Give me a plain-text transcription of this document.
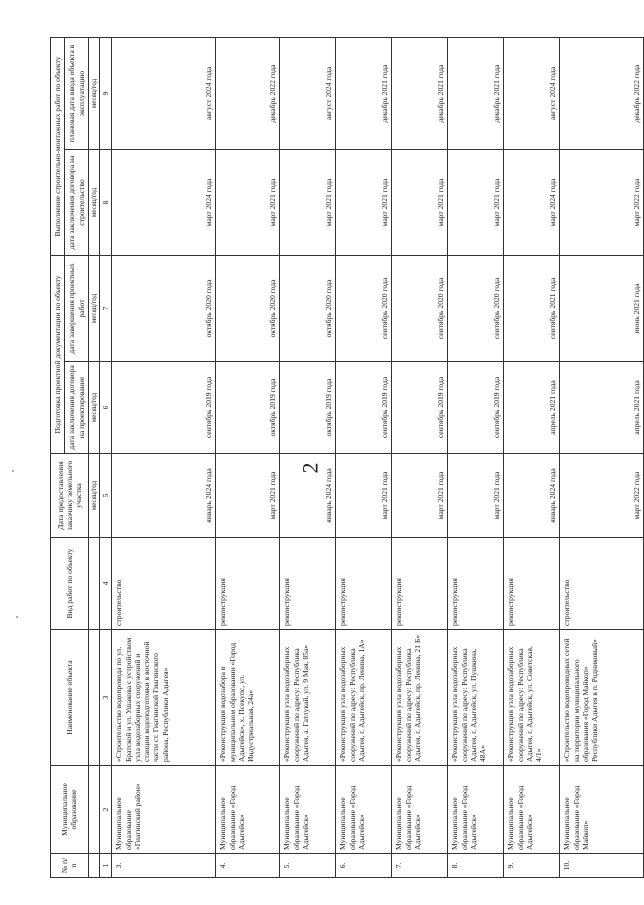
2
№ п/п	Муниципальное образование	Наименование объекта	Вид работ по объекту	Дата предоставления заказчику земельного участка	Подготовка проектной документации по объекту		Выполнение строительно-монтажных работ по объекту	
					дата заключения договора на проектирование	дата завершения проектных работ	дата заключения договора на строительство	плановая дата ввода объекта в эксплуатацию
				месяц/год	месяц/год	месяц/год	месяц/год	месяц/год
1	2	3	4	5	6	7	8	9
3.	Муниципальное образование «Гиагинский район»	«Строительство водопровода по ул. Братской и ул. Ушакова с устройством узла водозаборных сооружений и станции водоподготовки в восточной части ст. Гиагинской Гиагинского района, Республики Адыгея»	строительство	январь 2024 года	сентябрь 2019 года	октябрь 2020 года	март 2024 года	август 2024 года
4.	Муниципальное образование «Город Адыгейск»	«Реконструкция водозабора в муниципальном образовании «Город Адыгейск», х. Псекупс, ул. Индустриальная, 24а»	реконструкция	март 2021 года	октябрь 2019 года	октябрь 2020 года	март 2021 года	декабрь 2022 года
5.	Муниципальное образование «Город Адыгейск»	«Реконструкция узла водозаборных сооружений по адресу: Республика Адыгея, а. Гатлукай, ул. 9 Мая, 85а»	реконструкция	январь 2024 года	октябрь 2019 года	октябрь 2020 года	март 2021 года	август 2024 года
6.	Муниципальное образование «Город Адыгейск»	«Реконструкция узла водозаборных сооружений по адресу: Республика Адыгея, г. Адыгейск, пр. Ленина, 1А»	реконструкция	март 2021 года	сентябрь 2019 года	сентябрь 2020 года	март 2021 года	декабрь 2021 года
7.	Муниципальное образование «Город Адыгейск»	«Реконструкция узла водозаборных сооружений по адресу: Республика Адыгея, г. Адыгейск, пр. Ленина, 21 Б»	реконструкция	март 2021 года	сентябрь 2019 года	сентябрь 2020 года	март 2021 года	декабрь 2021 года
8.	Муниципальное образование «Город Адыгейск»	«Реконструкция узла водозаборных сооружений по адресу: Республика Адыгея, г. Адыгейск, ул. Пушкина, 48А»	реконструкция	март 2021 года	сентябрь 2019 года	сентябрь 2020 года	март 2021 года	декабрь 2021 года
9.	Муниципальное образование «Город Адыгейск»	«Реконструкция узла водозаборных сооружений по адресу: Республика Адыгея, г. Адыгейск, ул. Советская, 4/1»	реконструкция	январь 2024 года	апрель 2021 года	сентябрь 2021 года	март 2024 года	август 2024 года
10.	Муниципальное образование «Город Майкоп»	«Строительство водопроводных сетей на территории муниципального образования «Город Майкоп» Республики Адыгея в п. Родниковый»	строительство	март 2022 года	апрель 2021 года	июнь 2021 года	март 2022 года	декабрь 2022 года
